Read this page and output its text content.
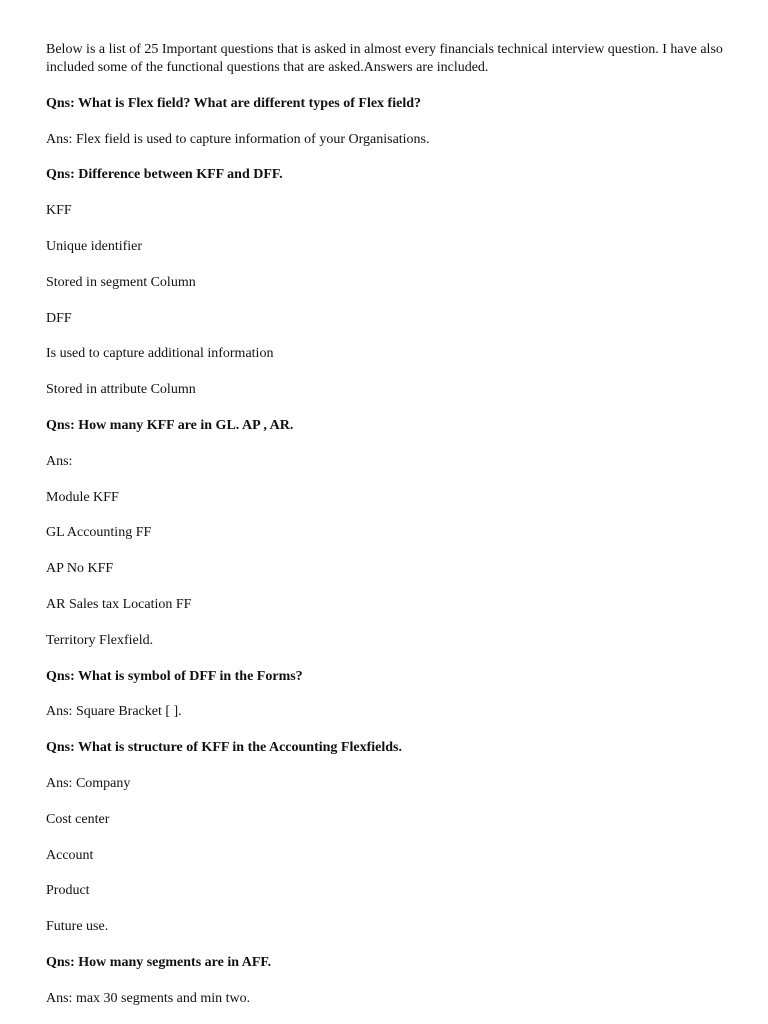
Below is a list of 25 Important questions that is asked in almost every financials technical interview question. I have also included some of the functional questions that are asked.Answers are included.

Qns: What is Flex field? What are different types of Flex field?

Ans: Flex field is used to capture information of your Organisations.

Qns: Difference between KFF and DFF.

KFF

Unique identifier

Stored in segment Column

DFF

Is used to capture additional information

Stored in attribute Column

Qns: How many KFF are in GL. AP , AR.

Ans:

Module KFF

GL Accounting FF

AP No KFF

AR Sales tax Location FF

Territory Flexfield.

Qns: What is symbol of DFF in the Forms?

Ans: Square Bracket [ ].

Qns: What is structure of KFF in the Accounting Flexfields.

Ans: Company

Cost center

Account

Product

Future use.

Qns: How many segments are in AFF.

Ans: max 30 segments and min two.
